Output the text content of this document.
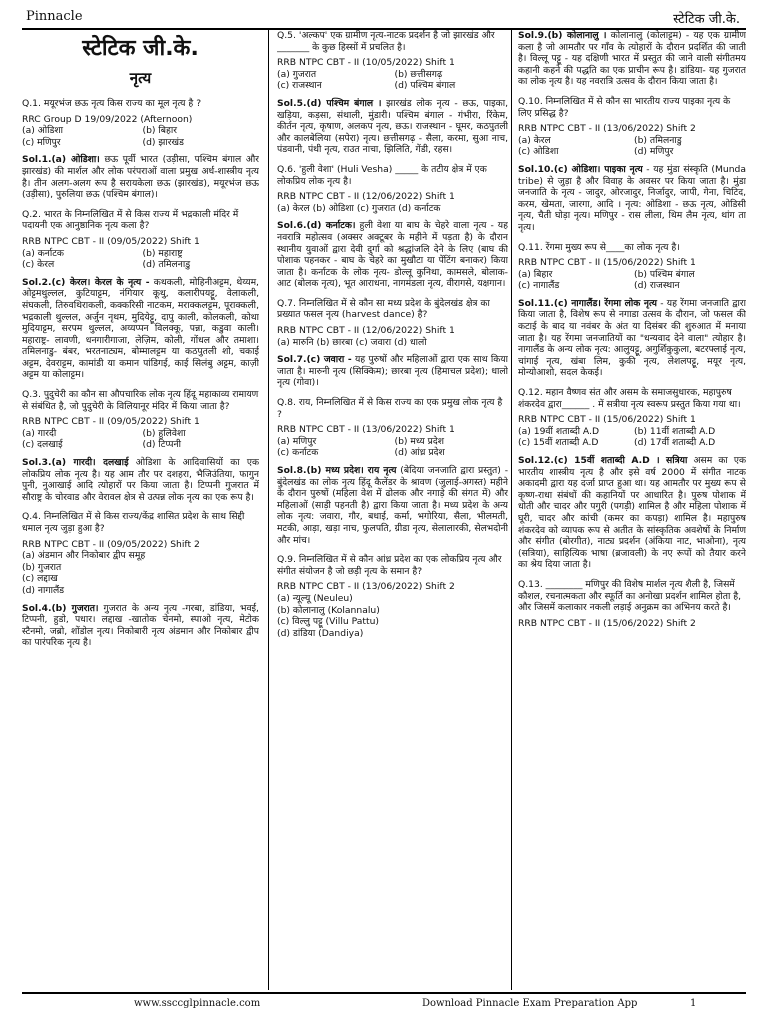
Pinnacle	स्टेटिक जी.के.
स्टेटिक जी.के.
नृत्य
Q.1. मयूरभंज छऊ नृत्य किस राज्य का मूल नृत्य है ?
RRC Group D 19/09/2022 (Afternoon)
(a) ओडिशा	(b) बिहार
(c) मणिपुर	(d) झारखंड
Sol.1.(a) ओडिशा। छऊ पूर्वी भारत (उड़ीसा, पश्चिम बंगाल और झारखंड) की मार्शल और लोक परंपराओं वाला प्रमुख अर्ध-शास्त्रीय नृत्य है। तीन अलग-अलग रूप है सरायकेला छऊ (झारखंड), मयूरभंज छऊ (उड़ीसा), पुरुलिया छऊ (पश्चिम बंगाल)।
Q.2. भारत के निम्नलिखित में से किस राज्य में भद्रकाली मंदिर में पदायनी एक आनुष्ठानिक नृत्य कला है?
RRB NTPC CBT - II (09/05/2022) Shift 1
(a) कर्नाटक	(b) महाराष्ट्र
(c) केरल	(d) तमिलनाडु
Sol.2.(c) केरल। केरल के नृत्य - कथकली, मोहिनीअट्टम, थेय्यम, ओट्टमथुल्लल, कुटियाट्टम, नंगियार कूथु, कलारीपयट्टू, वेलाकली, संघकली, तिरुवथिराकली, कक्करिसी नाटकम, मराक्कलट्टम, पूराक्कली, भद्रकाली थुल्लल, अर्जुन नृथम, मुदियेट्टू, दापु काली, कोलकली, कोथा मुदियाट्टम, सरपम थुल्लल, अय्यप्पन विलक्कू, पन्ना, कडुवा काली। महाराष्ट्र- लावणी, धनगारीगाजा, लेज़िम, कोली, गोंधल और तमाशा। तमिलनाडु- बंबर, भरतनाट्यम, बोम्मालट्टम या कठपुतली शो, चकाई अट्टम, देवराट्टम, कामांडी या कमान पांडिगई, काई सिलंबु अट्टम, काज़ी अट्टम या कोलाट्टम।
Q.3. पुदुचेरी का कौन सा औपचारिक लोक नृत्य हिंदू महाकाव्य रामायण से संबंधित है, जो पुदुचेरी के विलियानूर मंदिर में किया जाता है?
RRB NTPC CBT - II (09/05/2022) Shift 1
(a) गारदी	(b) हुलिवेशा
(c) दलखाई	(d) टिप्पनी
Sol.3.(a) गारदी। दलखाई ओडिशा के आदिवासियों का एक लोकप्रिय लोक नृत्य है। यह आम तौर पर दशहरा, भैजिउंतिया, फागुन पुनी, नुआखाई आदि त्योहारों पर किया जाता है। टिप्पनी गुजरात में सौराष्ट्र के चोरवाड और वेरावल क्षेत्र से उत्पन्न लोक नृत्य का एक रूप है।
Q.4. निम्नलिखित में से किस राज्य/केंद्र शासित प्रदेश के साथ सिद्दी धमाल नृत्य जुड़ा हुआ है?
RRB NTPC CBT - II (09/05/2022) Shift 2
(a) अंडमान और निकोबार द्वीप समूह
(b) गुजरात
(c) लद्दाख
(d) नागालैंड
Sol.4.(b) गुजरात। गुजरात के अन्य नृत्य -गरबा, डांडिया, भवई, टिप्पनी, हुडो, पधार। लद्दाख -खातोक चेनमो, स्पाओ नृत्य, मेटोक स्टैनमो, जब्रो, शोंडोल नृत्य। निकोबारी नृत्य अंडमान और निकोबार द्वीप का पारंपरिक नृत्य है।
Q.5. 'अल्कप' एक ग्रामीण नृत्य-नाटक प्रदर्शन है जो झारखंड और _______ के कुछ हिस्सों में प्रचलित है।
RRB NTPC CBT - II (10/05/2022) Shift 1
(a) गुजरात	(b) छत्तीसगढ़
(c) राजस्थान	(d) पश्चिम बंगाल
Sol.5.(d) पश्चिम बंगाल । झारखंड लोक नृत्य - छऊ, पाइका, खड़िया, कड़सा, संथाली, मुंडारी। पश्चिम बंगाल - गंभीरा, रिंकेम, कीर्तन नृत्य, कृषाण, अलकप नृत्य, छऊ। राजस्थान - घूमर, कठपुतली और कालबेलिया (सपेरा) नृत्य। छत्तीसगढ़ - सैला, करमा, सुआ नाच, पंडवानी, पंथी नृत्य, राउत नाचा, झिलिति, गेंडी, रहस।
Q.6. 'हुली वेशा' (Huli Vesha) _____ के तटीय क्षेत्र में एक लोकप्रिय लोक नृत्य है।
RRB NTPC CBT - II (12/06/2022) Shift 1
(a) केरल (b) ओडिशा (c) गुजरात (d) कर्नाटक
Sol.6.(d) कर्नाटक। हुली वेशा या बाघ के चेहरे वाला नृत्य - यह नवरात्रि महोत्सव (अक्सर अक्टूबर के महीने में पड़ता है) के दौरान स्थानीय युवाओं द्वारा देवी दुर्गा को श्रद्धांजलि देने के लिए (बाघ की पोशाक पहनकर - बाघ के चेहरे का मुखौटा या पेंटिंग बनाकर) किया जाता है। कर्नाटक के लोक नृत्य- डोल्लू कुनिथा, कामसले, बोलाक-आट (बोलक नृत्य), भूत आराधना, नागमंडला नृत्य, वीरागसे, यक्षगान।
Q.7. निम्नलिखित में से कौन सा मध्य प्रदेश के बुंदेलखंड क्षेत्र का प्रख्यात फसल नृत्य (harvest dance) है?
RRB NTPC CBT - II (12/06/2022) Shift 1
(a) मारुनि (b) छारबा (c) जवारा (d) धालो
Sol.7.(c) जवारा - यह पुरुषों और महिलाओं द्वारा एक साथ किया जाता है। मारुनी नृत्य (सिक्किम); छारबा नृत्य (हिमाचल प्रदेश); धालो नृत्य (गोवा)।
Q.8. राय, निम्नलिखित में से किस राज्य का एक प्रमुख लोक नृत्य है ?
RRB NTPC CBT - II (13/06/2022) Shift 1
(a) मणिपुर	(b) मध्य प्रदेश
(c) कर्नाटक	(d) आंध्र प्रदेश
Sol.8.(b) मध्य प्रदेश। राय नृत्य (बेदिया जनजाति द्वारा प्रस्तुत) - बुंदेलखंड का लोक नृत्य हिंदू कैलेंडर के श्रावण (जुलाई-अगस्त) महीने के दौरान पुरुषों (महिला वेश में ढोलक और नगाड़े की संगत में) और महिलाओं (साड़ी पहनती है) द्वारा किया जाता है। मध्य प्रदेश के अन्य लोक नृत्य: जवारा, गौर, बधाई, कर्मा, भगोरिया, सैला, भीलमती, मटकी, आड़ा, खड़ा नाच, फुलपति, ग्रीडा नृत्य, सेलालारकी, सेलभदोनी और मांच।
Q.9. निम्नलिखित में से कौन आंध्र प्रदेश का एक लोकप्रिय नृत्य और संगीत संयोजन है जो छड़ी नृत्य के समान है?
RRB NTPC CBT - II (13/06/2022) Shift 2
(a) न्यूल्यू (Neuleu)
(b) कोलानालु (Kolannalu)
(c) विल्लु पट्टू (Villu Pattu)
(d) डांडिया (Dandiya)
Sol.9.(b) कोलानालु । कोलानालु (कोलाट्टम) - यह एक ग्रामीण कला है जो आमतौर पर गाँव के त्योहारों के दौरान प्रदर्शित की जाती है। विल्लू पट्टू - यह दक्षिणी भारत में प्रस्तुत की जाने वाली संगीतमय कहानी कहने की पद्धति का एक प्राचीन रूप है। डांडिया- यह गुजरात का लोक नृत्य है। यह नवरात्रि उत्सव के दौरान किया जाता है।
Q.10. निम्नलिखित में से कौन सा भारतीय राज्य पाइका नृत्य के लिए प्रसिद्ध है?
RRB NTPC CBT - II (13/06/2022) Shift 2
(a) केरल	(b) तमिलनाडु
(c) ओडिशा	(d) मणिपुर
Sol.10.(c) ओडिशा। पाइका नृत्य - यह मुंडा संस्कृति (Munda tribe) से जुड़ा है और विवाह के अवसर पर किया जाता है। मुंडा जनजाति के नृत्य - जादुर, ओरजादुर, निर्जादुर, जापी, गेना, चिटिद, करम, खेमता, जारगा, आदि । नृत्य: ओडिशा - छऊ नृत्य, ओडिसी नृत्य, चैती घोड़ा नृत्य। मणिपुर - रास लीला, थिम लैम नृत्य, थांग ता नृत्य।
Q.11. रेंगमा मुख्य रूप से____का लोक नृत्य है।
RRB NTPC CBT - II (15/06/2022) Shift 1
(a) बिहार	(b) पश्चिम बंगाल
(c) नागालैंड	(d) राजस्थान
Sol.11.(c) नागालैंड। रेंगमा लोक नृत्य - यह रेंगमा जनजाति द्वारा किया जाता है, विशेष रूप से नगाडा उत्सव के दौरान, जो फसल की कटाई के बाद या नवंबर के अंत या दिसंबर की शुरुआत में मनाया जाता है। यह रेंगमा जनजातियों का "धन्यवाद देने वाला" त्योहार है। नागालैंड के अन्य लोक नृत्य: आलुयट्टू, अगुर्शिकुकुला, बटरफ्लाई नृत्य, चांगाई नृत्य, खंबा लिम, कुकी नृत्य, लेशलपट्टू, मयूर नृत्य, मोन्योआशो, सदल केकई।
Q.12. महान वैष्णव संत और असम के समाजसुधारक, महापुरुष शंकरदेव द्वारा______ . में सत्रीया नृत्य स्वरूप प्रस्तुत किया गया था।
RRB NTPC CBT - II (15/06/2022) Shift 1
(a) 19वीं शताब्दी A.D	(b) 11वीं शताब्दी A.D
(c) 15वीं शताब्दी A.D	(d) 17वीं शताब्दी A.D
Sol.12.(c) 15वीं शताब्दी A.D । सत्रिया असम का एक भारतीय शास्त्रीय नृत्य है और इसे वर्ष 2000 में संगीत नाटक अकादमी द्वारा यह दर्जा प्राप्त हुआ था। यह आमतौर पर मुख्य रूप से कृष्ण-राधा संबंधों की कहानियों पर आधारित है। पुरुष पोशाक में धोती और चादर और पगुरी (पगड़ी) शामिल है और महिला पोशाक में घूरी, चादर और कांची (कमर का कपड़ा) शामिल है। महापुरुष शंकरदेव को व्यापक रूप से अतीत के सांस्कृतिक अवशेषों के निर्माण और संगीत (बोरगीत), नाट्य प्रदर्शन (अंकिया नाट, भाओना), नृत्य (सत्रिया), साहित्यिक भाषा (ब्रजावली) के नए रूपों को तैयार करने का श्रेय दिया जाता है।
Q.13. ________ मणिपुर की विशेष मार्शल नृत्य शैली है, जिसमें कौशल, रचनात्मकता और स्फूर्ति का अनोखा प्रदर्शन शामिल होता है, और जिसमें कलाकार नकली लड़ाई अनुक्रम का अभिनय करते है।
RRB NTPC CBT - II (15/06/2022) Shift 2
www.ssccglpinnacle.com	Download Pinnacle Exam Preparation App	1
